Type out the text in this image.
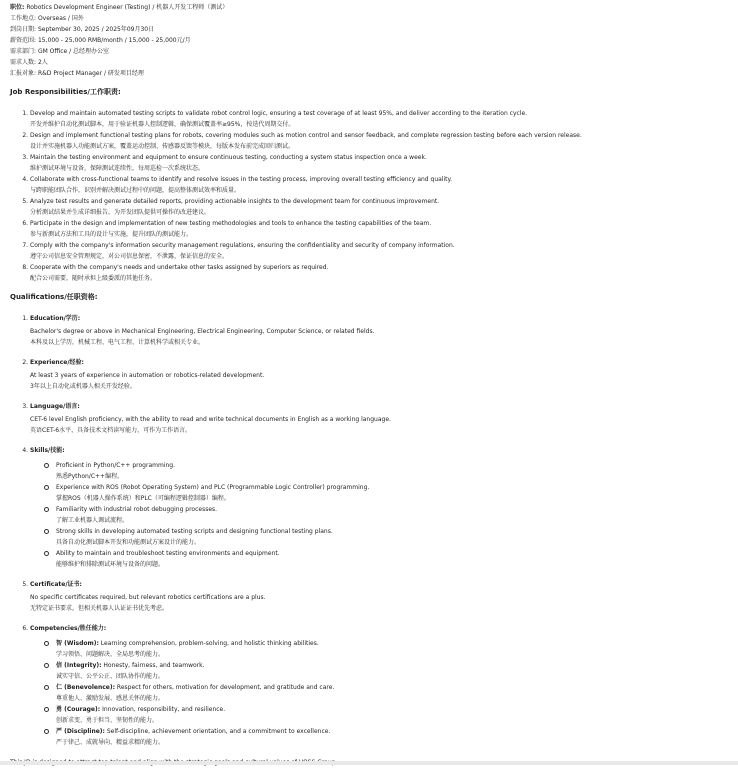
职位: Robotics Development Engineer (Testing) / 机器人开发工程师（测试）
工作地点: Overseas / 国外
到岗日期: September 30, 2025 / 2025年09月30日
薪资范围: 15,000 - 25,000 RMB/month / 15,000 - 25,000元/月
需求部门: GM Office / 总经理办公室
需求人数: 2人
汇报对象: R&D Project Manager / 研发项目经理
Job Responsibilities/工作职责:
1. Develop and maintain automated testing scripts to validate robot control logic, ensuring a test coverage of at least 95%, and deliver according to the iteration cycle.
开发并维护自动化测试脚本，用于验证机器人控制逻辑，确保测试覆盖率≥95%，按迭代周期交付。
2. Design and implement functional testing plans for robots, covering modules such as motion control and sensor feedback, and complete regression testing before each version release.
设计并实施机器人功能测试方案，覆盖运动控制、传感器反馈等模块，每版本发布前完成回归测试。
3. Maintain the testing environment and equipment to ensure continuous testing, conducting a system status inspection once a week.
维护测试环境与设备，保障测试连续性，每周巡检一次系统状态。
4. Collaborate with cross-functional teams to identify and resolve issues in the testing process, improving overall testing efficiency and quality.
与跨职能团队合作，识别并解决测试过程中的问题，提高整体测试效率和质量。
5. Analyze test results and generate detailed reports, providing actionable insights to the development team for continuous improvement.
分析测试结果并生成详细报告，为开发团队提供可操作的改进建议。
6. Participate in the design and implementation of new testing methodologies and tools to enhance the testing capabilities of the team.
参与新测试方法和工具的设计与实施，提升团队的测试能力。
7. Comply with the company's information security management regulations, ensuring the confidentiality and security of company information.
遵守公司信息安全管理规定，对公司信息保密，不泄露，保证信息的安全。
8. Cooperate with the company's needs and undertake other tasks assigned by superiors as required.
配合公司需要，随时承担上级委派的其他任务。
Qualifications/任职资格:
1. Education/学历:
Bachelor's degree or above in Mechanical Engineering, Electrical Engineering, Computer Science, or related fields.
本科及以上学历，机械工程、电气工程、计算机科学或相关专业。
2. Experience/经验:
At least 3 years of experience in automation or robotics-related development.
3年以上自动化或机器人相关开发经验。
3. Language/语言:
CET-6 level English proficiency, with the ability to read and write technical documents in English as a working language.
英语CET-6水平，具备技术文档读写能力，可作为工作语言。
4. Skills/技能:
Proficient in Python/C++ programming.
熟悉Python/C++编程。
Experience with ROS (Robot Operating System) and PLC (Programmable Logic Controller) programming.
掌握ROS（机器人操作系统）和PLC（可编程逻辑控制器）编程。
Familiarity with industrial robot debugging processes.
了解工业机器人调试流程。
Strong skills in developing automated testing scripts and designing functional testing plans.
具备自动化测试脚本开发和功能测试方案设计的能力。
Ability to maintain and troubleshoot testing environments and equipment.
能够维护和排除测试环境与设备的问题。
5. Certificate/证书:
No specific certificates required, but relevant robotics certifications are a plus.
无特定证书要求，但相关机器人认证证书优先考虑。
6. Competencies/胜任能力:
智 (Wisdom): Learning comprehension, problem-solving, and holistic thinking abilities.
学习领悟、问题解决、全局思考的能力。
信 (Integrity): Honesty, fairness, and teamwork.
诚实守信、公平公正、团队协作的能力。
仁 (Benevolence): Respect for others, motivation for development, and gratitude and care.
尊重他人、激励发展、感恩关怀的能力。
勇 (Courage): Innovation, responsibility, and resilience.
创新求变、勇于担当、坚韧性的能力。
严 (Discipline): Self-discipline, achievement orientation, and a commitment to excellence.
严于律己、成就导向、精益求精的能力。
